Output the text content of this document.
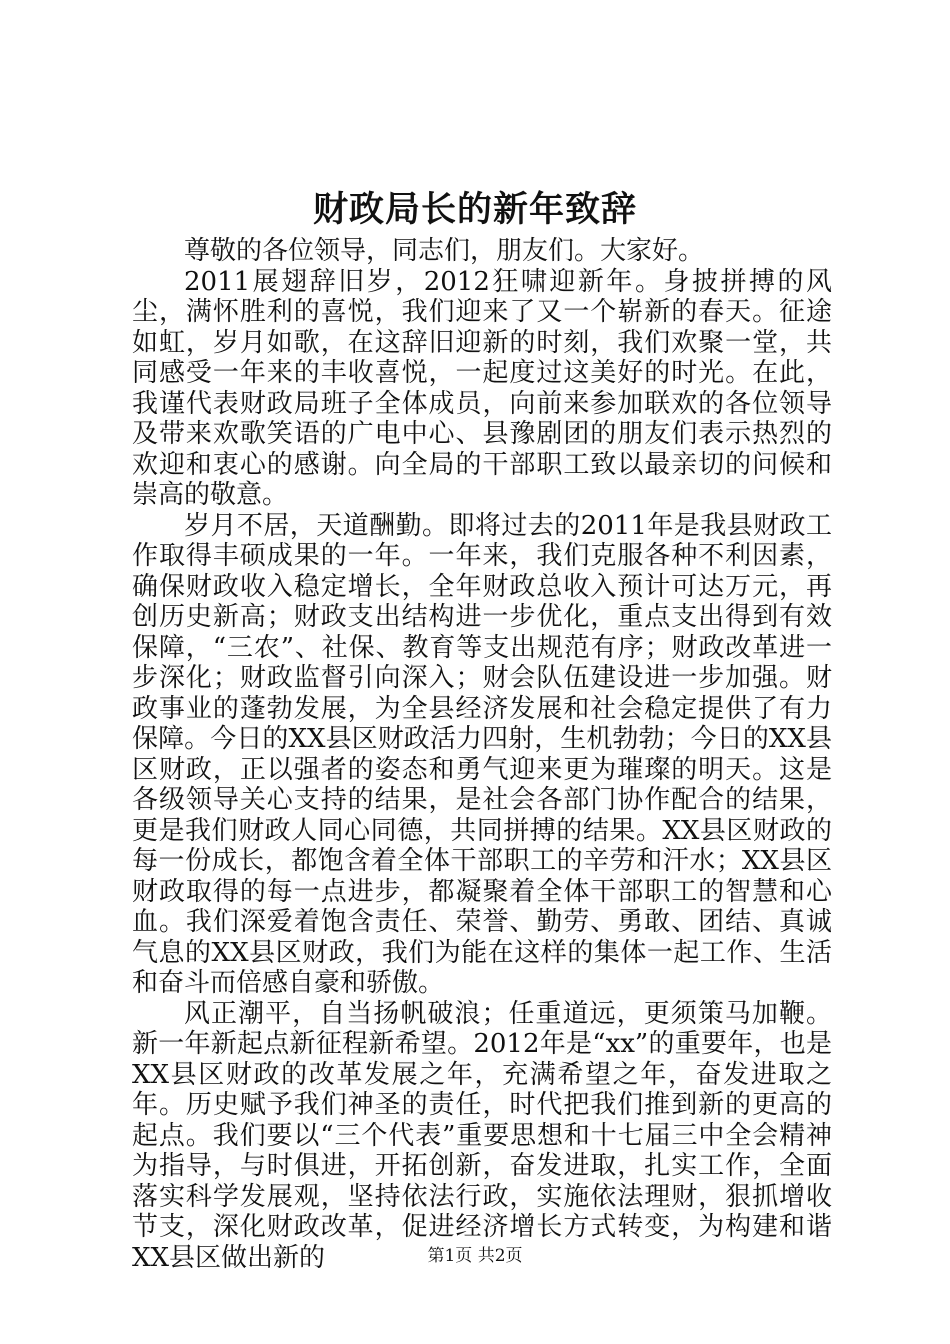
财政局长的新年致辞

尊敬的各位领导，同志们，朋友们。大家好。

2011展翅辞旧岁，2012狂啸迎新年。身披拼搏的风尘，满怀胜利的喜悦，我们迎来了又一个崭新的春天。征途如虹，岁月如歌，在这辞旧迎新的时刻，我们欢聚一堂，共同感受一年来的丰收喜悦，一起度过这美好的时光。在此，我谨代表财政局班子全体成员，向前来参加联欢的各位领导及带来欢歌笑语的广电中心、县豫剧团的朋友们表示热烈的欢迎和衷心的感谢。向全局的干部职工致以最亲切的问候和崇高的敬意。

岁月不居，天道酬勤。即将过去的2011年是我县财政工作取得丰硕成果的一年。一年来，我们克服各种不利因素，确保财政收入稳定增长，全年财政总收入预计可达万元，再创历史新高；财政支出结构进一步优化，重点支出得到有效保障，“三农”、社保、教育等支出规范有序；财政改革进一步深化；财政监督引向深入；财会队伍建设进一步加强。财政事业的蓬勃发展，为全县经济发展和社会稳定提供了有力保障。今日的XX县区财政活力四射，生机勃勃；今日的XX县区财政，正以强者的姿态和勇气迎来更为璀璨的明天。这是各级领导关心支持的结果，是社会各部门协作配合的结果，更是我们财政人同心同德，共同拼搏的结果。XX县区财政的每一份成长，都饱含着全体干部职工的辛劳和汗水；XX县区财政取得的每一点进步，都凝聚着全体干部职工的智慧和心血。我们深爱着饱含责任、荣誉、勤劳、勇敢、团结、真诚气息的XX县区财政，我们为能在这样的集体一起工作、生活和奋斗而倍感自豪和骄傲。

风正潮平，自当扬帆破浪；任重道远，更须策马加鞭。新一年新起点新征程新希望。2012年是“xx”的重要年，也是XX县区财政的改革发展之年，充满希望之年，奋发进取之年。历史赋予我们神圣的责任，时代把我们推到新的更高的起点。我们要以“三个代表”重要思想和十七届三中全会精神为指导，与时俱进，开拓创新，奋发进取，扎实工作，全面落实科学发展观，坚持依法行政，实施依法理财，狠抓增收节支，深化财政改革，促进经济增长方式转变，为构建和谐XX县区做出新的	第1页 共2页
